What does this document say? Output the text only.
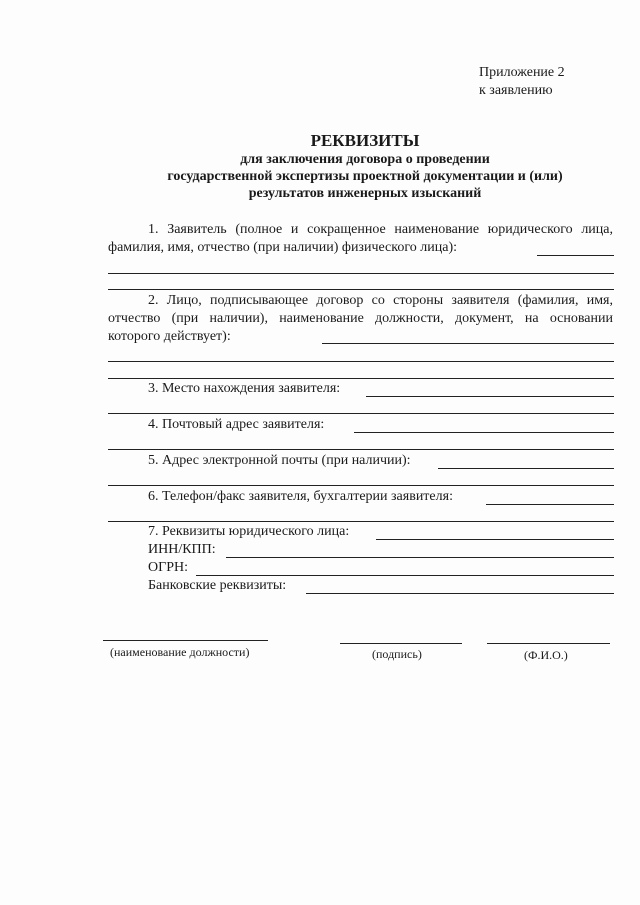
Приложение 2
к заявлению
РЕКВИЗИТЫ
для заключения договора о проведении
государственной экспертизы проектной документации и (или)
результатов инженерных изысканий
1. Заявитель (полное и сокращенное наименование юридического лица, фамилия, имя, отчество (при наличии) физического лица):
2. Лицо, подписывающее договор со стороны заявителя (фамилия, имя, отчество (при наличии), наименование должности, документ, на основании которого действует):
3. Место нахождения заявителя:
4. Почтовый адрес заявителя:
5. Адрес электронной почты (при наличии):
6. Телефон/факс заявителя, бухгалтерии заявителя:
7. Реквизиты юридического лица:
ИНН/КПП:
ОГРН:
Банковские реквизиты:
(наименование должности)	(подпись)	(Ф.И.О.)
